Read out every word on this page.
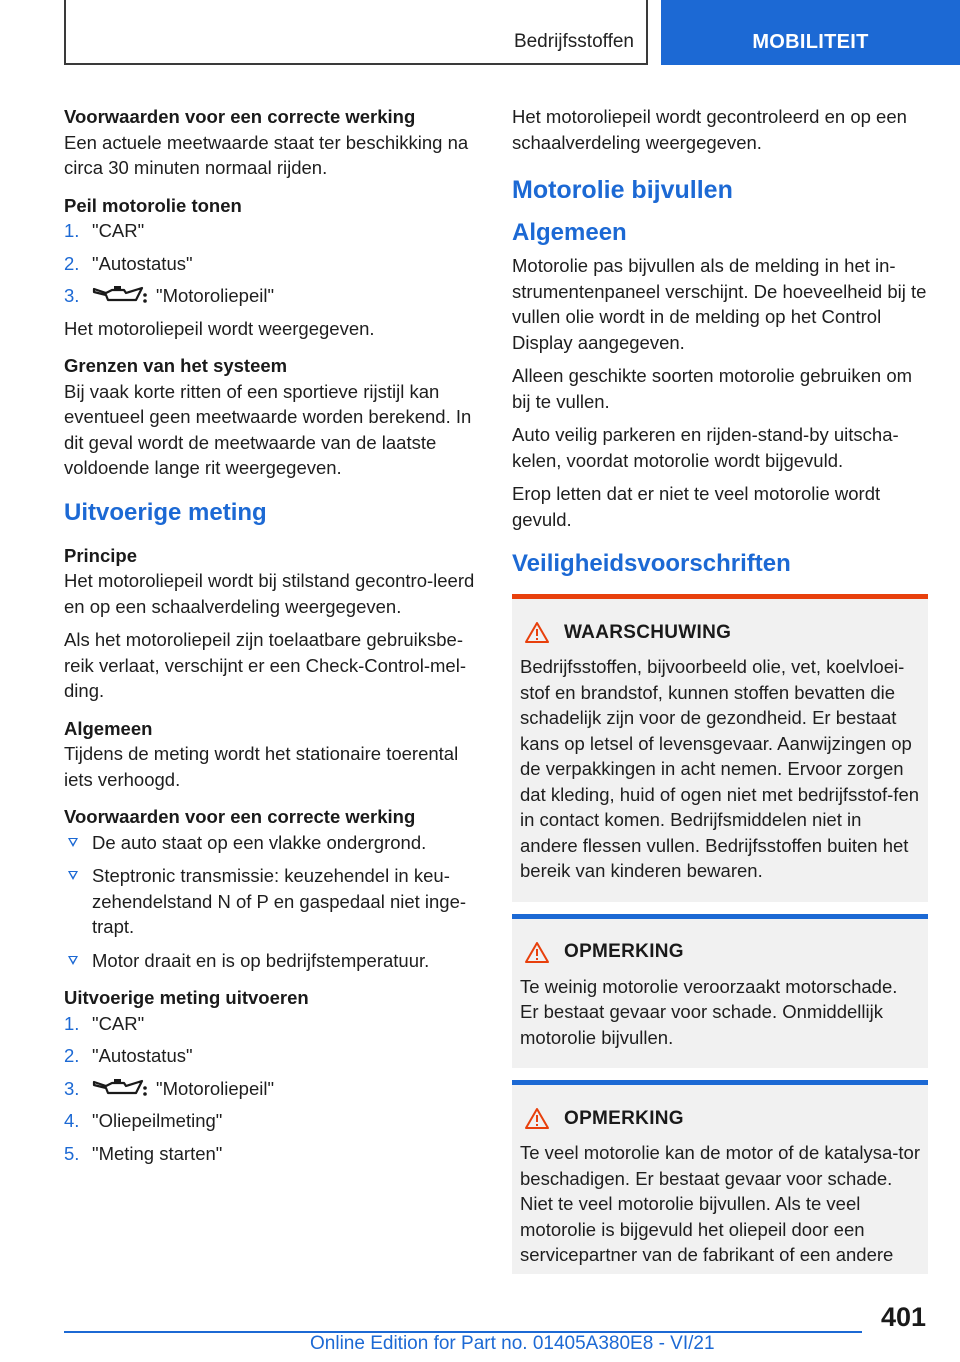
Bedrijfsstoffen	MOBILITEIT
Voorwaarden voor een correcte werking

Een actuele meetwaarde staat ter beschikking na circa 30 minuten normaal rijden.

Peil motorolie tonen
1. "CAR"
2. "Autostatus"
3.	"Motoroliepeil"

Het motoroliepeil wordt weergegeven.

Grenzen van het systeem

Bij vaak korte ritten of een sportieve rijstijl kan eventueel geen meetwaarde worden berekend. In dit geval wordt de meetwaarde van de laatste voldoende lange rit weergegeven.

Uitvoerige meting
Principe

Het motoroliepeil wordt bij stilstand gecontro-leerd en op een schaalverdeling weergegeven.

Als het motoroliepeil zijn toelaatbare gebruiksbe-reik verlaat, verschijnt er een Check-Control-mel-ding.

Algemeen

Tijdens de meting wordt het stationaire toerental iets verhoogd.

Voorwaarden voor een correcte werking
De auto staat op een vlakke ondergrond.
Steptronic transmissie: keuzehendel in keu-zehendelstand N of P en gaspedaal niet inge-trapt.
Motor draait en is op bedrijfstemperatuur.
Uitvoerige meting uitvoeren
1. "CAR"
2. "Autostatus"
3.	"Motoroliepeil"
4. "Oliepeilmeting"
5. "Meting starten"

Het motoroliepeil wordt gecontroleerd en op een schaalverdeling weergegeven.

Motorolie bijvullen
Algemeen

Motorolie pas bijvullen als de melding in het in-strumentenpaneel verschijnt. De hoeveelheid bij te vullen olie wordt in de melding op het Control Display aangegeven.

Alleen geschikte soorten motorolie gebruiken om bij te vullen.

Auto veilig parkeren en rijden-stand-by uitscha-kelen, voordat motorolie wordt bijgevuld.

Erop letten dat er niet te veel motorolie wordt gevuld.

Veiligheidsvoorschriften
WAARSCHUWING

Bedrijfsstoffen, bijvoorbeeld olie, vet, koelvloei-stof en brandstof, kunnen stoffen bevatten die schadelijk zijn voor de gezondheid. Er bestaat kans op letsel of levensgevaar. Aanwijzingen op de verpakkingen in acht nemen. Ervoor zorgen dat kleding, huid of ogen niet met bedrijfsstof-fen in contact komen. Bedrijfsmiddelen niet in andere flessen vullen. Bedrijfsstoffen buiten het bereik van kinderen bewaren.

OPMERKING

Te weinig motorolie veroorzaakt motorschade. Er bestaat gevaar voor schade. Onmiddellijk motorolie bijvullen.

OPMERKING

Te veel motorolie kan de motor of de katalysa-tor beschadigen. Er bestaat gevaar voor schade. Niet te veel motorolie bijvullen. Als te veel motorolie is bijgevuld het oliepeil door een servicepartner van de fabrikant of een andere

401
Online Edition for Part no. 01405A380E8 - VI/21
